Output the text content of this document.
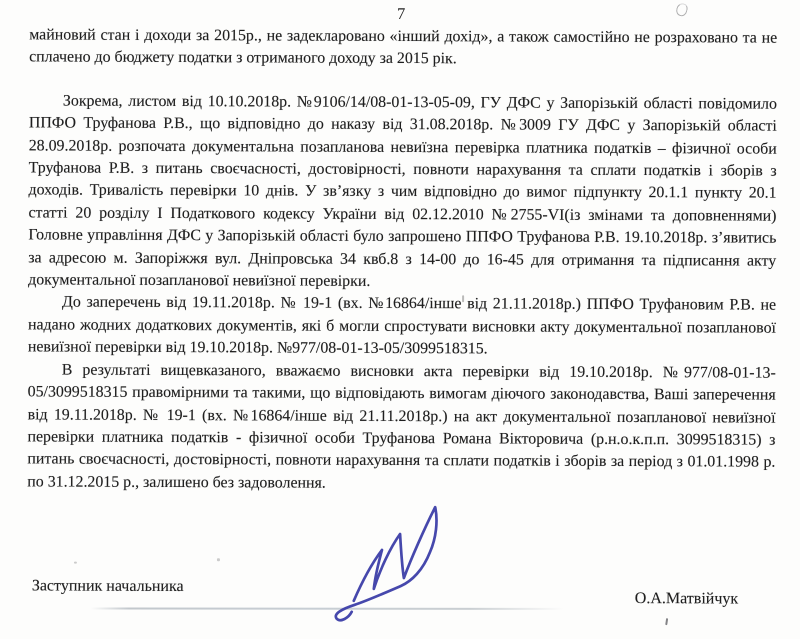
7

майновий стан і доходи за 2015р., не задекларовано «інший дохід», а також самостійно не розраховано та не сплачено до бюджету податки з отриманого доходу за 2015 рік.

Зокрема, листом від 10.10.2018р. №9106/14/08-01-13-05-09, ГУ ДФС у Запорізькій області повідомило ППФО Труфанова Р.В., що відповідно до наказу від 31.08.2018р. №3009 ГУ ДФС у Запорізькій області 28.09.2018р. розпочата документальна позапланова невиїзна перевірка платника податків – фізичної особи Труфанова Р.В. з питань своєчасності, достовірності, повноти нарахування та сплати податків і зборів з доходів. Тривалість перевірки 10 днів. У зв’язку з чим відповідно до вимог підпункту 20.1.1 пункту 20.1 статті 20 розділу І Податкового кодексу України від 02.12.2010 №2755-VI(із змінами та доповненнями) Головне управління ДФС у Запорізькій області було запрошено ППФО Труфанова Р.В. 19.10.2018р. з’явитись за адресою м. Запоріжжя вул. Дніпровська 34 квб.8 з 14-00 до 16-45 для отримання та підписання акту документальної позапланової невиїзної перевірки.

До заперечень від 19.11.2018р. № 19-1 (вх. №16864/інше від 21.11.2018р.) ППФО Труфановим Р.В. не надано жодних додаткових документів, які б могли спростувати висновки акту документальної позапланової невиїзної перевірки від 19.10.2018р. №977/08-01-13-05/3099518315.

В результаті вищевказаного, вважаємо висновки акта перевірки від 19.10.2018р. №977/08-01-13-05/3099518315 правомірними та такими, що відповідають вимогам діючого законодавства, Ваші заперечення від 19.11.2018р. № 19-1 (вх. №16864/інше від 21.11.2018р.) на акт документальної позапланової невиїзної перевірки платника податків - фізичної особи Труфанова Романа Вікторовича (р.н.о.к.п.п. 3099518315) з питань своєчасності, достовірності, повноти нарахування та сплати податків і зборів за період з 01.01.1998 р. по 31.12.2015 р., залишено без задоволення.

Заступник начальника
О.А.Матвійчук
